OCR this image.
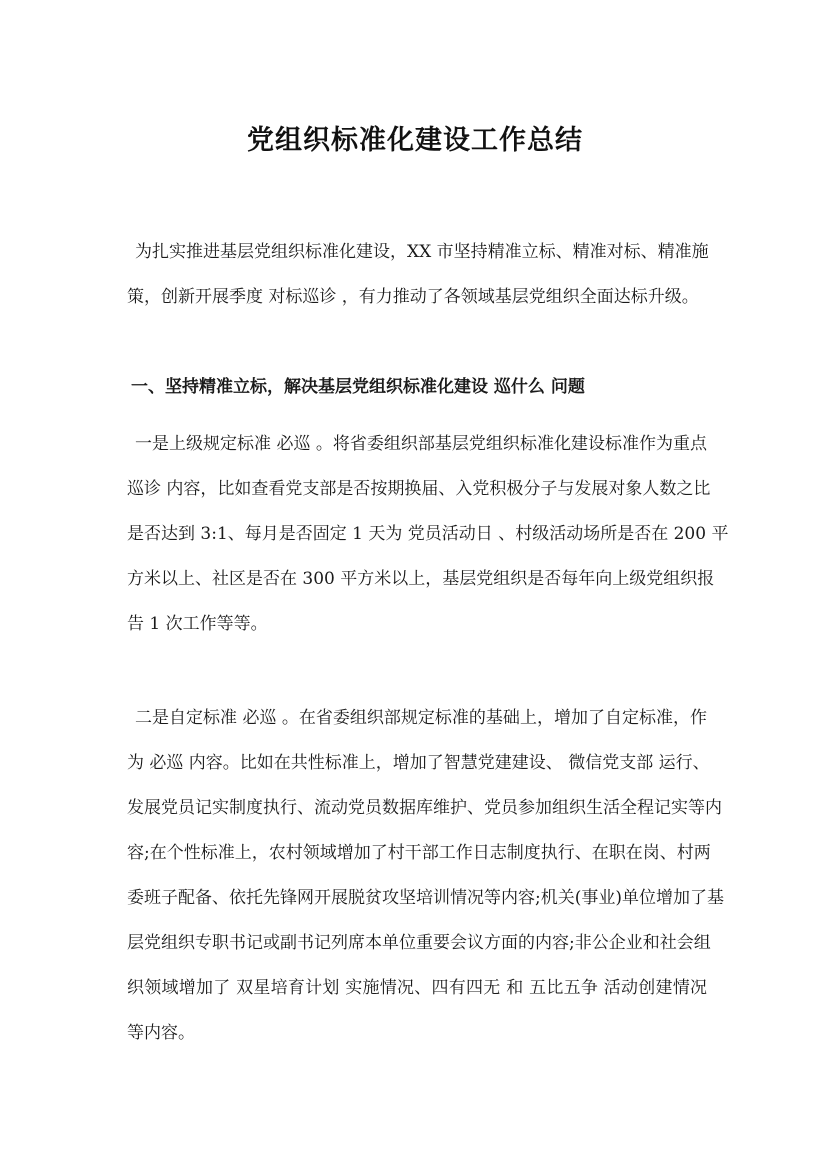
党组织标准化建设工作总结
为扎实推进基层党组织标准化建设，XX 市坚持精准立标、精准对标、精准施
策，创新开展季度 对标巡诊 ，有力推动了各领域基层党组织全面达标升级。
一、坚持精准立标，解决基层党组织标准化建设 巡什么 问题
一是上级规定标准 必巡 。将省委组织部基层党组织标准化建设标准作为重点
巡诊 内容，比如查看党支部是否按期换届、入党积极分子与发展对象人数之比
是否达到 3:1、每月是否固定 1 天为 党员活动日 、村级活动场所是否在 200 平
方米以上、社区是否在 300 平方米以上，基层党组织是否每年向上级党组织报
告 1 次工作等等。
二是自定标准 必巡 。在省委组织部规定标准的基础上，增加了自定标准，作
为 必巡 内容。比如在共性标准上，增加了智慧党建建设、 微信党支部 运行、
发展党员记实制度执行、流动党员数据库维护、党员参加组织生活全程记实等内
容;在个性标准上，农村领域增加了村干部工作日志制度执行、在职在岗、村两
委班子配备、依托先锋网开展脱贫攻坚培训情况等内容;机关(事业)单位增加了基
层党组织专职书记或副书记列席本单位重要会议方面的内容;非公企业和社会组
织领域增加了 双星培育计划 实施情况、四有四无 和 五比五争 活动创建情况
等内容。
